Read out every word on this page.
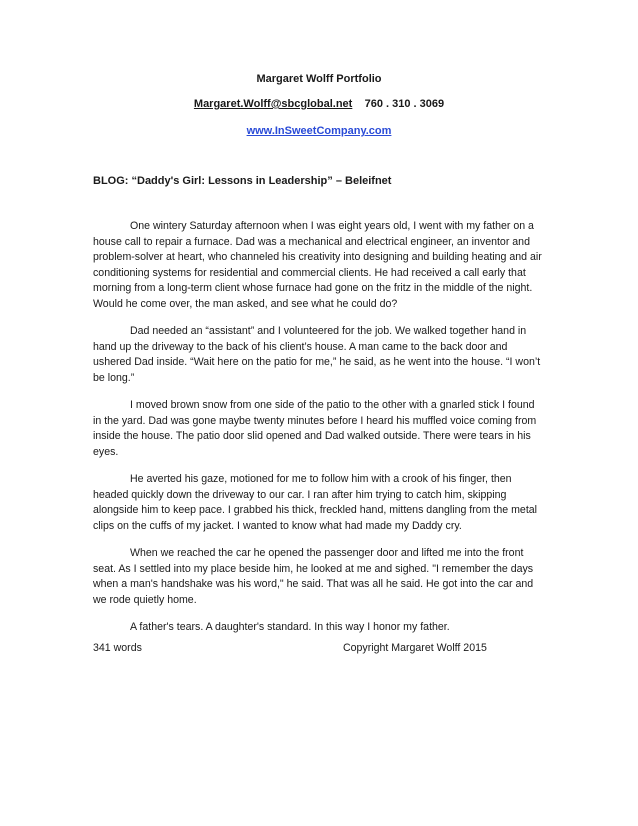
Margaret Wolff Portfolio
Margaret.Wolff@sbcglobal.net 760 . 310 . 3069
www.InSweetCompany.com
BLOG: “Daddy's Girl: Lessons in Leadership” – Beleifnet

One wintery Saturday afternoon when I was eight years old, I went with my father on a house call to repair a furnace. Dad was a mechanical and electrical engineer, an inventor and problem-solver at heart, who channeled his creativity into designing and building heating and air conditioning systems for residential and commercial clients. He had received a call early that morning from a long-term client whose furnace had gone on the fritz in the middle of the night. Would he come over, the man asked, and see what he could do?

Dad needed an “assistant” and I volunteered for the job. We walked together hand in hand up the driveway to the back of his client’s house. A man came to the back door and ushered Dad inside. “Wait here on the patio for me,” he said, as he went into the house. “I won’t be long.”

I moved brown snow from one side of the patio to the other with a gnarled stick I found in the yard. Dad was gone maybe twenty minutes before I heard his muffled voice coming from inside the house. The patio door slid opened and Dad walked outside. There were tears in his eyes.

He averted his gaze, motioned for me to follow him with a crook of his finger, then headed quickly down the driveway to our car. I ran after him trying to catch him, skipping alongside him to keep pace. I grabbed his thick, freckled hand, mittens dangling from the metal clips on the cuffs of my jacket. I wanted to know what had made my Daddy cry.

When we reached the car he opened the passenger door and lifted me into the front seat. As I settled into my place beside him, he looked at me and sighed. "I remember the days when a man's handshake was his word," he said. That was all he said. He got into the car and we rode quietly home.

A father's tears. A daughter's standard. In this way I honor my father.

341 words	Copyright Margaret Wolff 2015
